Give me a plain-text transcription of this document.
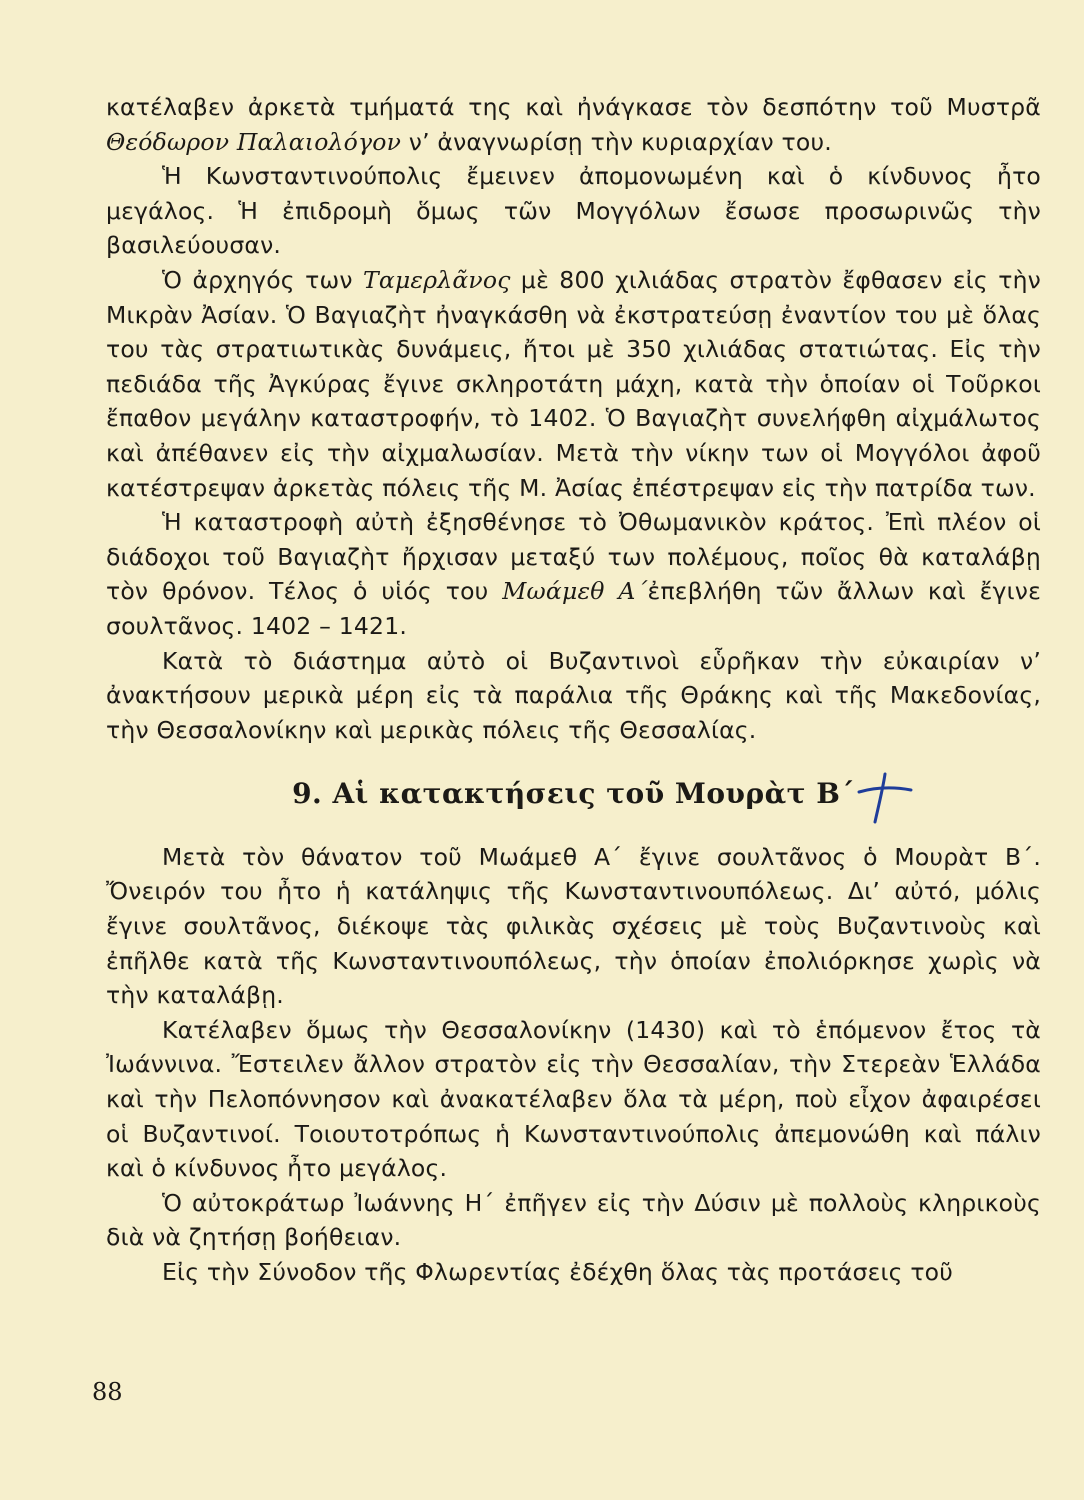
κατέλαβεν ἀρκετὰ τμήματά της καὶ ἠνάγκασε τὸν δεσπότην τοῦ Μυστρᾶ Θεόδωρον Παλαιολόγον ν’ ἀναγνωρίσῃ τὴν κυριαρχίαν του.

Ἡ Κωνσταντινούπολις ἔμεινεν ἀπομονωμένη καὶ ὁ κίνδυνος ἦτο μεγάλος. Ἡ ἐπιδρομὴ ὅμως τῶν Μογγόλων ἔσωσε προσωρινῶς τὴν βασιλεύουσαν.

Ὁ ἀρχηγός των Ταμερλᾶνος μὲ 800 χιλιάδας στρατὸν ἔφθασεν εἰς τὴν Μικρὰν Ἀσίαν. Ὁ Βαγιαζὴτ ἠναγκάσθη νὰ ἐκστρατεύσῃ ἐναντίον του μὲ ὅλας του τὰς στρατιωτικὰς δυνάμεις, ἤτοι μὲ 350 χιλιάδας στατιώτας. Εἰς τὴν πεδιάδα τῆς Ἀγκύρας ἔγινε σκληροτάτη μάχη, κατὰ τὴν ὁποίαν οἱ Τοῦρκοι ἔπαθον μεγάλην καταστροφήν, τὸ 1402. Ὁ Βαγιαζὴτ συνελήφθη αἰχμάλωτος καὶ ἀπέθανεν εἰς τὴν αἰχμαλωσίαν. Μετὰ τὴν νίκην των οἱ Μογγόλοι ἀφοῦ κατέστρεψαν ἀρκετὰς πόλεις τῆς Μ. Ἀσίας ἐπέστρεψαν εἰς τὴν πατρίδα των.

Ἡ καταστροφὴ αὐτὴ ἐξησθένησε τὸ Ὀθωμανικὸν κράτος. Ἐπὶ πλέον οἱ διάδοχοι τοῦ Βαγιαζὴτ ἤρχισαν μεταξύ των πολέμους, ποῖος θὰ καταλάβῃ τὸν θρόνον. Τέλος ὁ υἱός του Μωάμεθ Α΄ἐπεβλήθη τῶν ἄλλων καὶ ἔγινε σουλτᾶνος. 1402 – 1421.

Κατὰ τὸ διάστημα αὐτὸ οἱ Βυζαντινοὶ εὗρῆκαν τὴν εὐκαιρίαν ν’ ἀνακτήσουν μερικὰ μέρη εἰς τὰ παράλια τῆς Θράκης καὶ τῆς Μακεδονίας, τὴν Θεσσαλονίκην καὶ μερικὰς πόλεις τῆς Θεσσαλίας.

9. Αἱ κατακτήσεις τοῦ Μουρὰτ Β΄

Μετὰ τὸν θάνατον τοῦ Μωάμεθ Α΄ ἔγινε σουλτᾶνος ὁ Μουρὰτ Β΄. Ὄνειρόν του ἦτο ἡ κατάληψις τῆς Κωνσταντινουπόλεως. Δι’ αὐτό, μόλις ἔγινε σουλτᾶνος, διέκοψε τὰς φιλικὰς σχέσεις μὲ τοὺς Βυζαντινοὺς καὶ ἐπῆλθε κατὰ τῆς Κωνσταντινουπόλεως, τὴν ὁποίαν ἐπολιόρκησε χωρὶς νὰ τὴν καταλάβῃ.

Κατέλαβεν ὅμως τὴν Θεσσαλονίκην (1430) καὶ τὸ ἑπόμενον ἔτος τὰ Ἰωάννινα. Ἔστειλεν ἄλλον στρατὸν εἰς τὴν Θεσσαλίαν, τὴν Στερεὰν Ἑλλάδα καὶ τὴν Πελοπόννησον καὶ ἀνακατέλαβεν ὅλα τὰ μέρη, ποὺ εἶχον ἀφαιρέσει οἱ Βυζαντινοί. Τοιουτοτρόπως ἡ Κωνσταντινούπολις ἀπεμονώθη καὶ πάλιν καὶ ὁ κίνδυνος ἦτο μεγάλος.

Ὁ αὐτοκράτωρ Ἰωάννης Η΄ ἐπῆγεν εἰς τὴν Δύσιν μὲ πολλοὺς κληρικοὺς διὰ νὰ ζητήσῃ βοήθειαν.

Εἰς τὴν Σύνοδον τῆς Φλωρεντίας ἐδέχθη ὅλας τὰς προτάσεις τοῦ

88
